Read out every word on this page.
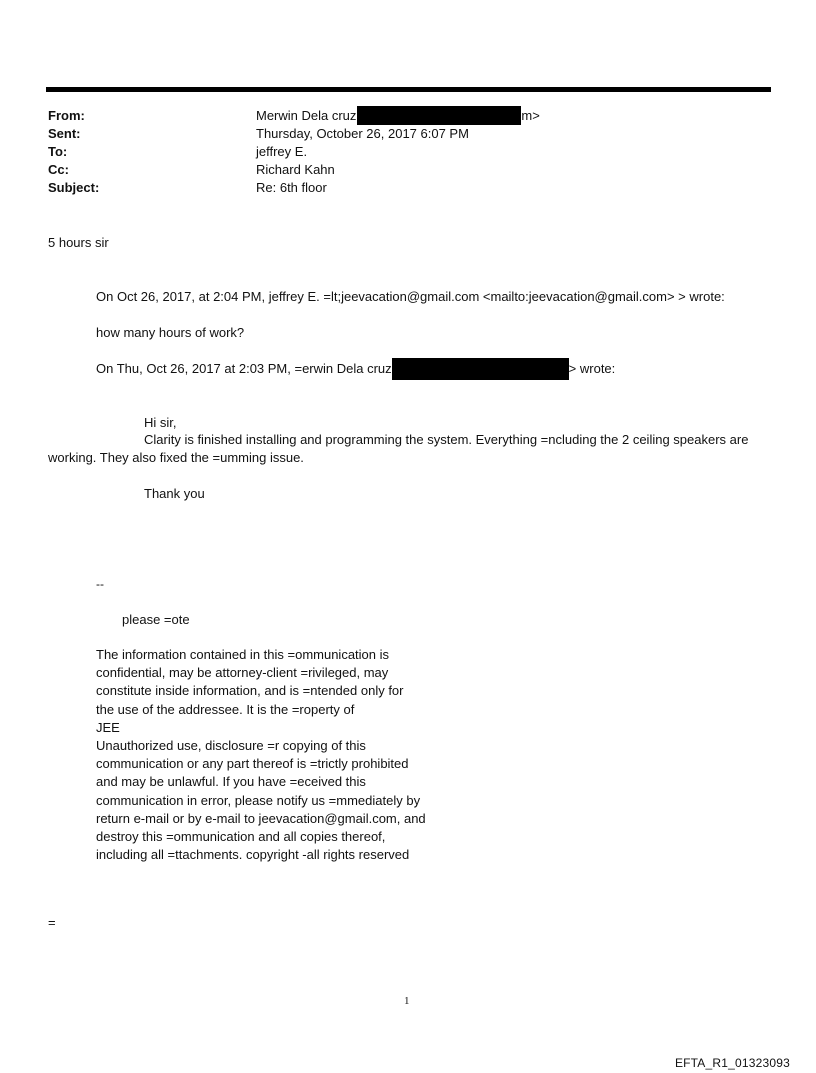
From:	Merwin Dela cruz	m>
Sent:	Thursday, October 26, 2017 6:07 PM
To:	jeffrey E.
Cc:	Richard Kahn
Subject:	Re: 6th floor
5 hours sir
On Oct 26, 2017, at 2:04 PM, jeffrey E. =lt;jeevacation@gmail.com <mailto:jeevacation@gmail.com> > wrote:
how many hours of work?
On Thu, Oct 26, 2017 at 2:03 PM, =erwin Dela cruz	> wrote:
Hi sir,
Clarity is finished installing and programming the system. Everything =ncluding the 2 ceiling speakers are
working. They also fixed the =umming issue.
Thank you
--
please =ote
The information contained in this =ommunication is
confidential, may be attorney-client =rivileged, may
constitute inside information, and is =ntended only for
the use of the addressee. It is the =roperty of
JEE
Unauthorized use, disclosure =r copying of this
communication or any part thereof is =trictly prohibited
and may be unlawful. If you have =eceived this
communication in error, please notify us =mmediately by
return e-mail or by e-mail to jeevacation@gmail.com, and
destroy this =ommunication and all copies thereof,
including all =ttachments. copyright -all rights reserved
=
1
EFTA_R1_01323093
